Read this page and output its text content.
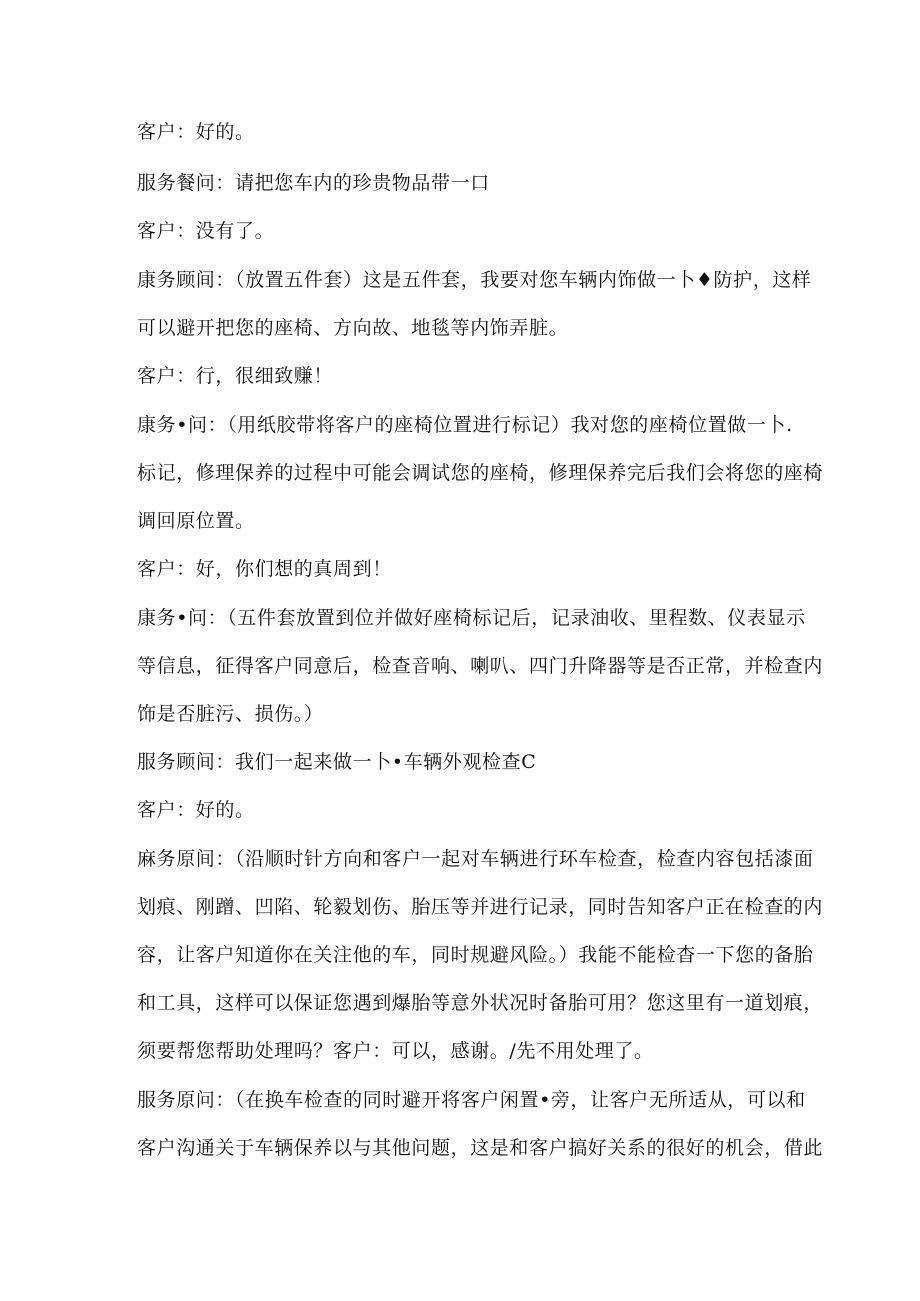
客户：好的。
服务餐问：请把您车内的珍贵物品带一口
客户：没有了。
康务顾间：（放置五件套）这是五件套，我要对您车辆内饰做一卜♦防护，这样
可以避开把您的座椅、方向故、地毯等内饰弄脏。
客户：行，很细致赚！
康务•问：（用纸胶带将客户的座椅位置进行标记）我对您的座椅位置做一卜.
标记，修理保养的过程中可能会调试您的座椅，修理保养完后我们会将您的座椅
调回原位置。
客户：好，你们想的真周到！
康务•问：（五件套放置到位并做好座椅标记后，记录油收、里程数、仪表显示
等信息，征得客户同意后，检查音响、喇叭、四门升降器等是否正常，并检查内
饰是否脏污、损伤。）
服务顾间：我们一起来做一卜•车辆外观检查C
客户：好的。
麻务原间：（沿顺时针方向和客户一起对车辆进行环车检查，检查内容包括漆面
划痕、刚蹭、凹陷、轮毅划伤、胎压等并进行记录，同时告知客户正在检查的内
容，让客户知道你在关注他的车，同时规避风险。）我能不能检杳一下您的备胎
和工具，这样可以保证您遇到爆胎等意外状况时备胎可用？您这里有一道划痕，
须要帮您帮助处理吗？客户：可以，感谢。/先不用处理了。
服务原问：（在换车检查的同时避开将客户闲置•旁，让客户无所适从，可以和
客户沟通关于车辆保养以与其他问题，这是和客户搞好关系的很好的机会，借此
